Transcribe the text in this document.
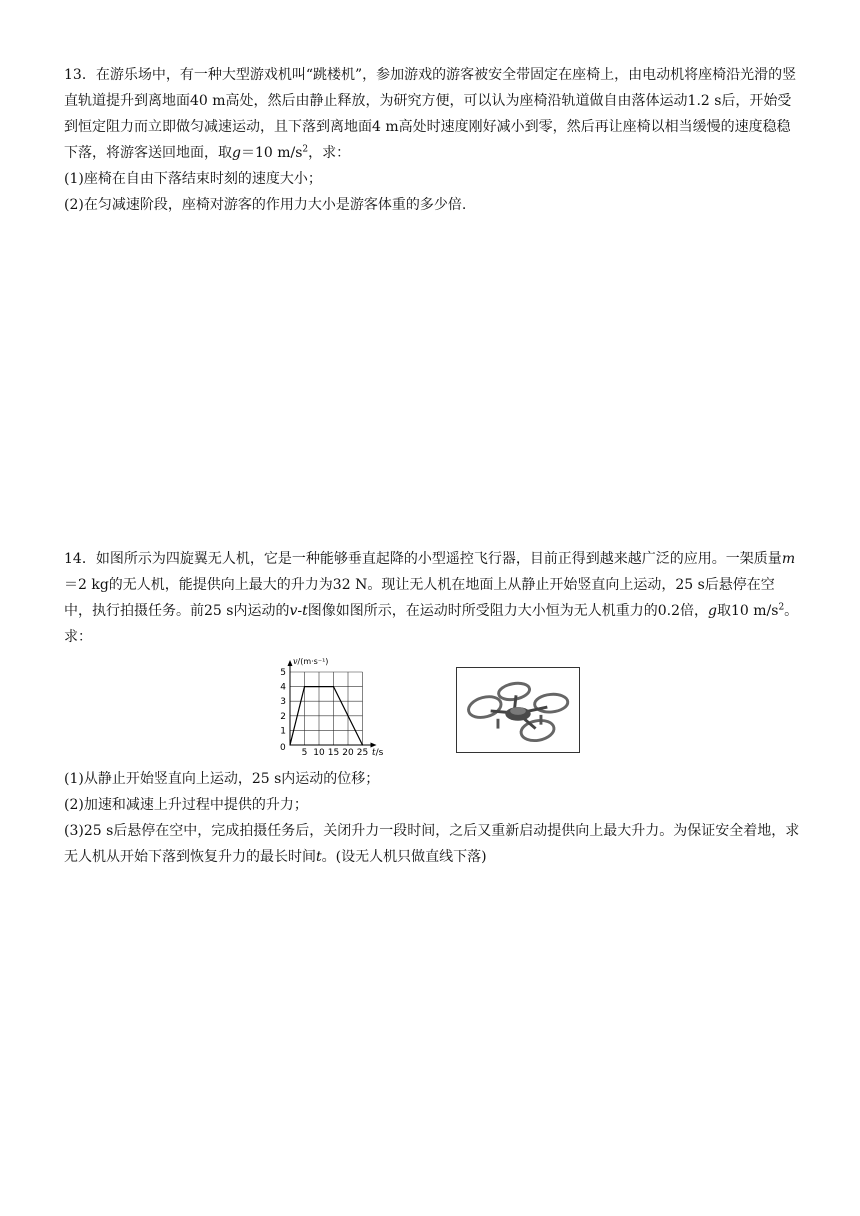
13．在游乐场中，有一种大型游戏机叫“跳楼机”，参加游戏的游客被安全带固定在座椅上，由电动机将座椅沿光滑的竖直轨道提升到离地面40 m高处，然后由静止释放，为研究方便，可以认为座椅沿轨道做自由落体运动1.2 s后，开始受到恒定阻力而立即做匀减速运动，且下落到离地面4 m高处时速度刚好减小到零，然后再让座椅以相当缓慢的速度稳稳下落，将游客送回地面，取g＝10 $m/s^2$，求：

(1)座椅在自由下落结束时刻的速度大小；

(2)在匀减速阶段，座椅对游客的作用力大小是游客体重的多少倍.

14．如图所示为四旋翼无人机，它是一种能够垂直起降的小型遥控飞行器，目前正得到越来越广泛的应用。一架质量m＝2 kg的无人机，能提供向上最大的升力为32 N。现让无人机在地面上从静止开始竖直向上运动，25 s后悬停在空中，执行拍摄任务。前25 s内运动的v-t图像如图所示，在运动时所受阻力大小恒为无人机重力的0.2倍，g取10 $m/s^2$。求：

5 10 15 20 25
1
2
3
4
5
v/(m·s⁻¹)
t/s
0

(1)从静止开始竖直向上运动，25 s内运动的位移；

(2)加速和减速上升过程中提供的升力；

(3)25 s后悬停在空中，完成拍摄任务后，关闭升力一段时间，之后又重新启动提供向上最大升力。为保证安全着地，求无人机从开始下落到恢复升力的最长时间t。(设无人机只做直线下落)
